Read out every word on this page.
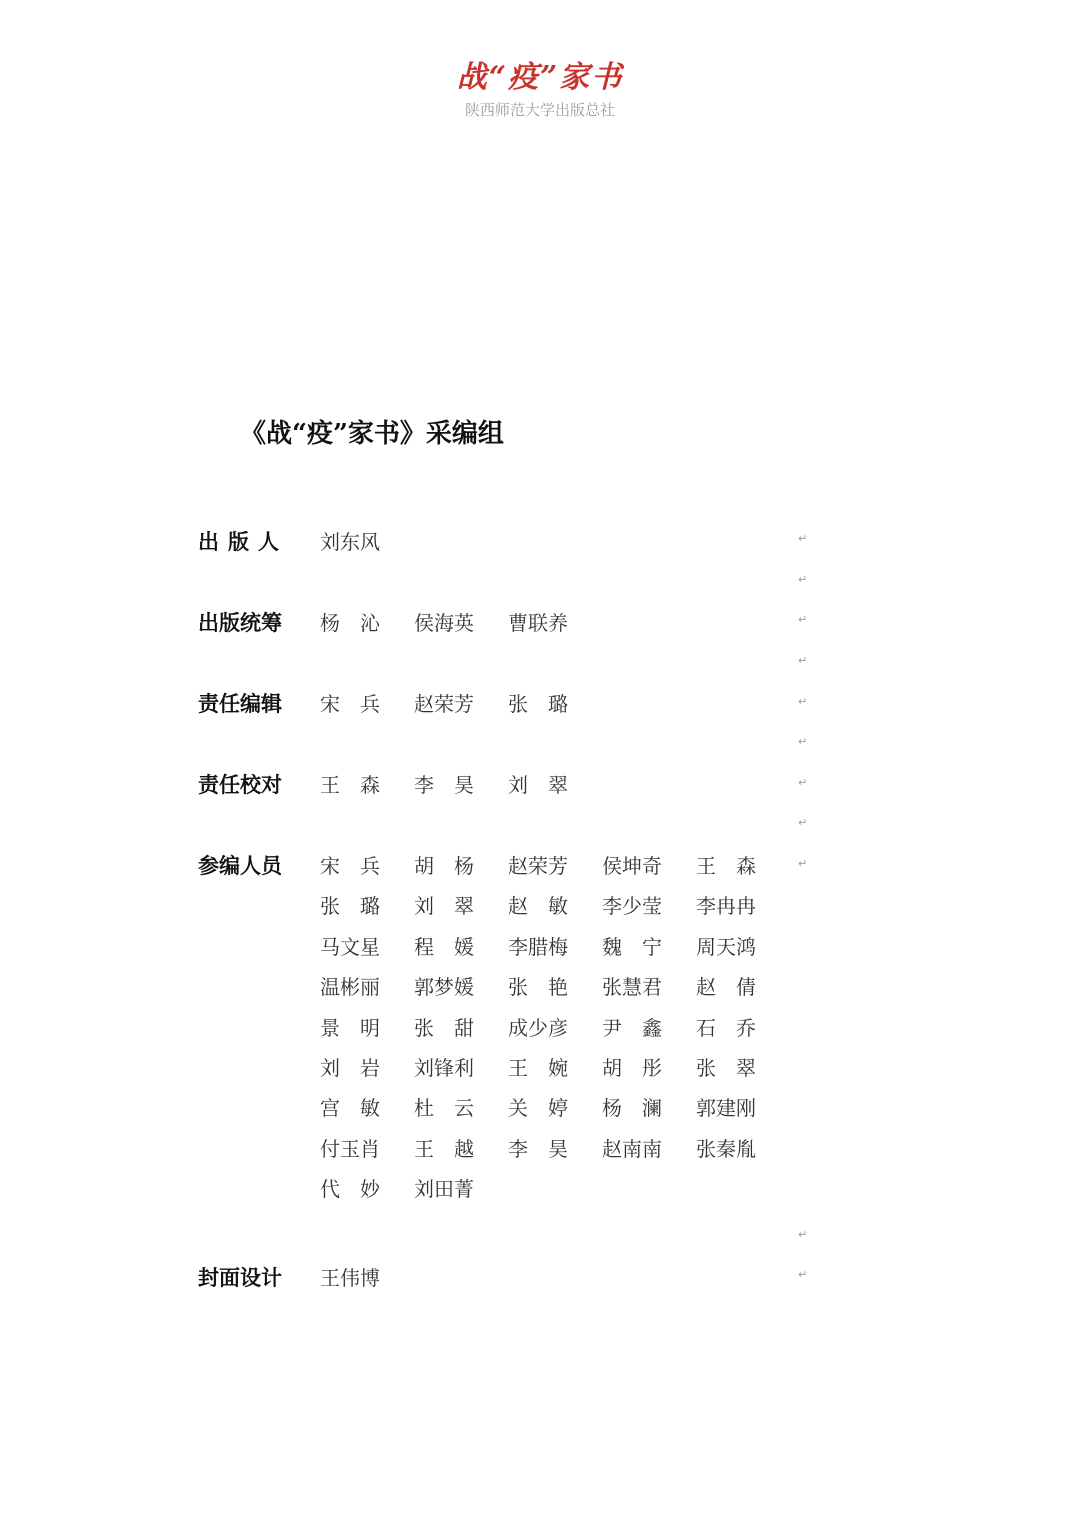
战“疫”家书
陕西师范大学出版总社
《战“疫”家书》采编组
出版人	刘东风
出版统筹	杨　沁 侯海英 曹联养
责任编辑	宋　兵 赵荣芳 张　璐
责任校对	王　森 李　昊 刘　翠
参编人员	宋　兵 胡　杨 赵荣芳 侯坤奇 王　森
张　璐 刘　翠 赵　敏 李少莹 李冉冉
马文星 程　媛 李腊梅 魏　宁 周天鸿
温彬丽 郭梦媛 张　艳 张慧君 赵　倩
景　明 张　甜 成少彦 尹　鑫 石　乔
刘　岩 刘锋利 王　婉 胡　彤 张　翠
宫　敏 杜　云 关　婷 杨　澜 郭建刚
付玉肖 王　越 李　昊 赵南南 张秦胤
代　妙 刘田菁
封面设计	王伟博
↵
↵
↵
↵
↵
↵
↵
↵
↵
↵
↵
